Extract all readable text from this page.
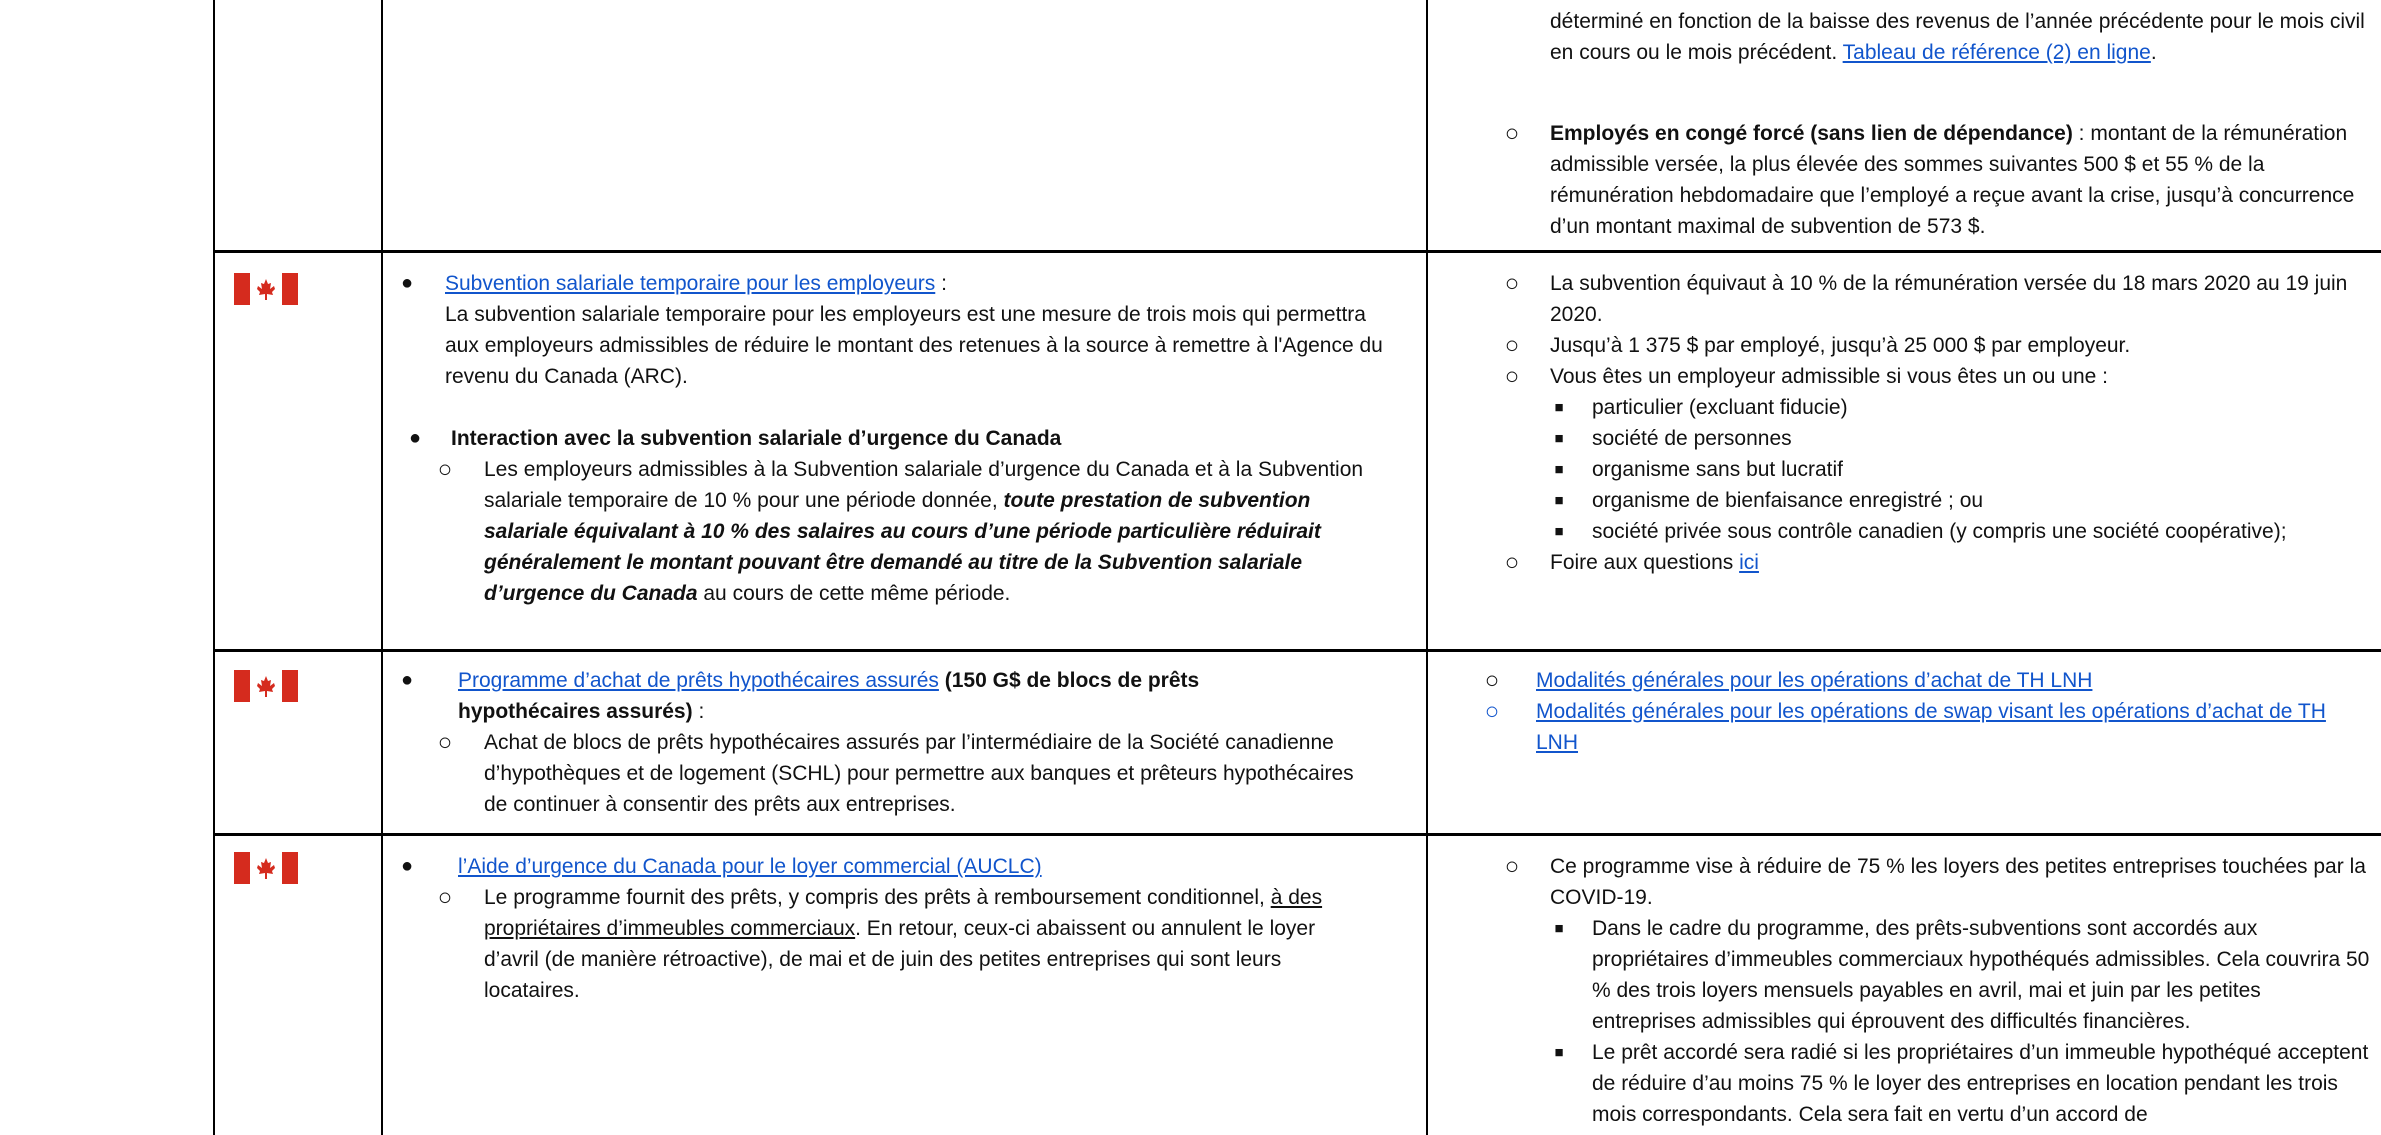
déterminé en fonction de la baisse des revenus de l’année précédente pour le mois civil en cours ou le mois précédent. Tableau de référence (2) en ligne.
○ Employés en congé forcé (sans lien de dépendance) : montant de la rémunération admissible versée, la plus élevée des sommes suivantes 500 $ et 55 % de la rémunération hebdomadaire que l’employé a reçue avant la crise, jusqu’à concurrence d’un montant maximal de subvention de 573 $.
● Subvention salariale temporaire pour les employeurs :
La subvention salariale temporaire pour les employeurs est une mesure de trois mois qui permettra aux employeurs admissibles de réduire le montant des retenues à la source à remettre à l'Agence du revenu du Canada (ARC).
● Interaction avec la subvention salariale d’urgence du Canada
○ Les employeurs admissibles à la Subvention salariale d’urgence du Canada et à la Subvention salariale temporaire de 10 % pour une période donnée, toute prestation de subvention salariale équivalant à 10 % des salaires au cours d’une période particulière réduirait généralement le montant pouvant être demandé au titre de la Subvention salariale d’urgence du Canada au cours de cette même période.
○ La subvention équivaut à 10 % de la rémunération versée du 18 mars 2020 au 19 juin 2020.
○ Jusqu’à 1 375 $ par employé, jusqu’à 25 000 $ par employeur.
○ Vous êtes un employeur admissible si vous êtes un ou une :
■ particulier (excluant fiducie)
■ société de personnes
■ organisme sans but lucratif
■ organisme de bienfaisance enregistré ; ou
■ société privée sous contrôle canadien (y compris une société coopérative);
○ Foire aux questions ici
● Programme d’achat de prêts hypothécaires assurés (150 G$ de blocs de prêts hypothécaires assurés) :
○ Achat de blocs de prêts hypothécaires assurés par l’intermédiaire de la Société canadienne d’hypothèques et de logement (SCHL) pour permettre aux banques et prêteurs hypothécaires de continuer à consentir des prêts aux entreprises.
○ Modalités générales pour les opérations d’achat de TH LNH
○ Modalités générales pour les opérations de swap visant les opérations d’achat de TH LNH
● l’Aide d’urgence du Canada pour le loyer commercial (AUCLC)
○ Le programme fournit des prêts, y compris des prêts à remboursement conditionnel, à des propriétaires d’immeubles commerciaux. En retour, ceux-ci abaissent ou annulent le loyer d’avril (de manière rétroactive), de mai et de juin des petites entreprises qui sont leurs locataires.
○ Ce programme vise à réduire de 75 % les loyers des petites entreprises touchées par la COVID-19.
■ Dans le cadre du programme, des prêts-subventions sont accordés aux propriétaires d’immeubles commerciaux hypothéqués admissibles. Cela couvrira 50 % des trois loyers mensuels payables en avril, mai et juin par les petites entreprises admissibles qui éprouvent des difficultés financières.
■ Le prêt accordé sera radié si les propriétaires d’un immeuble hypothéqué acceptent de réduire d’au moins 75 % le loyer des entreprises en location pendant les trois mois correspondants. Cela sera fait en vertu d’un accord de
